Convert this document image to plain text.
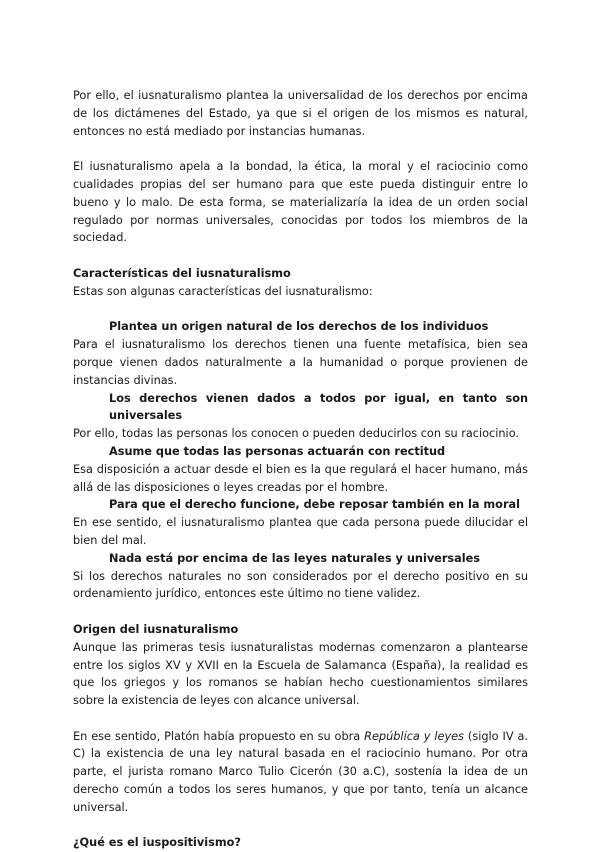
Por ello, el iusnaturalismo plantea la universalidad de los derechos por encima de los dictámenes del Estado, ya que si el origen de los mismos es natural, entonces no está mediado por instancias humanas.

El iusnaturalismo apela a la bondad, la ética, la moral y el raciocinio como cualidades propias del ser humano para que este pueda distinguir entre lo bueno y lo malo. De esta forma, se materializaría la idea de un orden social regulado por normas universales, conocidas por todos los miembros de la sociedad.

Características del iusnaturalismo

Estas son algunas características del iusnaturalismo:

Plantea un origen natural de los derechos de los individuos

Para el iusnaturalismo los derechos tienen una fuente metafísica, bien sea porque vienen dados naturalmente a la humanidad o porque provienen de instancias divinas.

Los derechos vienen dados a todos por igual, en tanto son universales

Por ello, todas las personas los conocen o pueden deducirlos con su raciocinio.

Asume que todas las personas actuarán con rectitud

Esa disposición a actuar desde el bien es la que regulará el hacer humano, más allá de las disposiciones o leyes creadas por el hombre.

Para que el derecho funcione, debe reposar también en la moral

En ese sentido, el iusnaturalismo plantea que cada persona puede dilucidar el bien del mal.

Nada está por encima de las leyes naturales y universales

Si los derechos naturales no son considerados por el derecho positivo en su ordenamiento jurídico, entonces este último no tiene validez.

Origen del iusnaturalismo

Aunque las primeras tesis iusnaturalistas modernas comenzaron a plantearse entre los siglos XV y XVII en la Escuela de Salamanca (España), la realidad es que los griegos y los romanos se habían hecho cuestionamientos similares sobre la existencia de leyes con alcance universal.

En ese sentido, Platón había propuesto en su obra República y leyes (siglo IV a. C) la existencia de una ley natural basada en el raciocinio humano. Por otra parte, el jurista romano Marco Tulio Cicerón (30 a.C), sostenía la idea de un derecho común a todos los seres humanos, y que por tanto, tenía un alcance universal.

¿Qué es el iuspositivismo?
